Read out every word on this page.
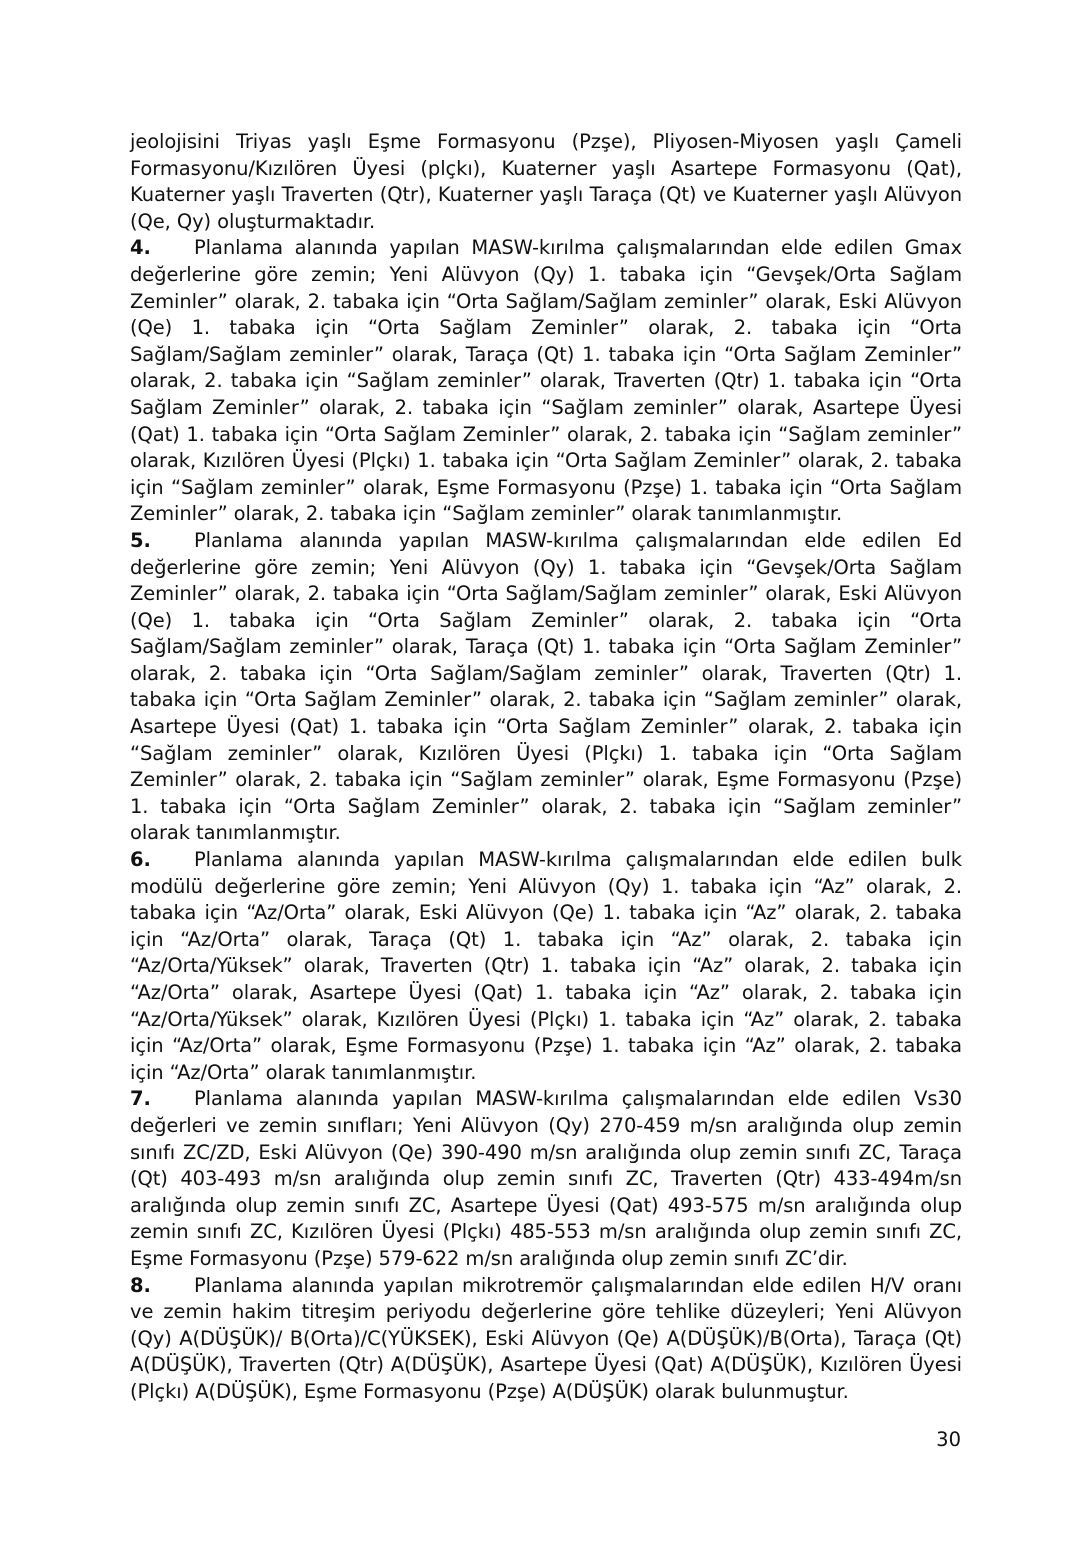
jeolojisini Triyas yaşlı Eşme Formasyonu (Pzşe), Pliyosen-Miyosen yaşlı Çameli Formasyonu/Kızılören Üyesi (plçkı), Kuaterner yaşlı Asartepe Formasyonu (Qat), Kuaterner yaşlı Traverten (Qtr), Kuaterner yaşlı Taraça (Qt) ve Kuaterner yaşlı Alüvyon (Qe, Qy) oluşturmaktadır.

4. Planlama alanında yapılan MASW-kırılma çalışmalarından elde edilen Gmax değerlerine göre zemin; Yeni Alüvyon (Qy) 1. tabaka için “Gevşek/Orta Sağlam Zeminler” olarak, 2. tabaka için “Orta Sağlam/Sağlam zeminler” olarak, Eski Alüvyon (Qe) 1. tabaka için “Orta Sağlam Zeminler” olarak, 2. tabaka için “Orta Sağlam/Sağlam zeminler” olarak, Taraça (Qt) 1. tabaka için “Orta Sağlam Zeminler” olarak, 2. tabaka için “Sağlam zeminler” olarak, Traverten (Qtr) 1. tabaka için “Orta Sağlam Zeminler” olarak, 2. tabaka için “Sağlam zeminler” olarak, Asartepe Üyesi (Qat) 1. tabaka için “Orta Sağlam Zeminler” olarak, 2. tabaka için “Sağlam zeminler” olarak, Kızılören Üyesi (Plçkı) 1. tabaka için “Orta Sağlam Zeminler” olarak, 2. tabaka için “Sağlam zeminler” olarak, Eşme Formasyonu (Pzşe) 1. tabaka için “Orta Sağlam Zeminler” olarak, 2. tabaka için “Sağlam zeminler” olarak tanımlanmıştır.

5. Planlama alanında yapılan MASW-kırılma çalışmalarından elde edilen Ed değerlerine göre zemin; Yeni Alüvyon (Qy) 1. tabaka için “Gevşek/Orta Sağlam Zeminler” olarak, 2. tabaka için “Orta Sağlam/Sağlam zeminler” olarak, Eski Alüvyon (Qe) 1. tabaka için “Orta Sağlam Zeminler” olarak, 2. tabaka için “Orta Sağlam/Sağlam zeminler” olarak, Taraça (Qt) 1. tabaka için “Orta Sağlam Zeminler” olarak, 2. tabaka için “Orta Sağlam/Sağlam zeminler” olarak, Traverten (Qtr) 1. tabaka için “Orta Sağlam Zeminler” olarak, 2. tabaka için “Sağlam zeminler” olarak, Asartepe Üyesi (Qat) 1. tabaka için “Orta Sağlam Zeminler” olarak, 2. tabaka için “Sağlam zeminler” olarak, Kızılören Üyesi (Plçkı) 1. tabaka için “Orta Sağlam Zeminler” olarak, 2. tabaka için “Sağlam zeminler” olarak, Eşme Formasyonu (Pzşe) 1. tabaka için “Orta Sağlam Zeminler” olarak, 2. tabaka için “Sağlam zeminler” olarak tanımlanmıştır.

6. Planlama alanında yapılan MASW-kırılma çalışmalarından elde edilen bulk modülü değerlerine göre zemin; Yeni Alüvyon (Qy) 1. tabaka için “Az” olarak, 2. tabaka için “Az/Orta” olarak, Eski Alüvyon (Qe) 1. tabaka için “Az” olarak, 2. tabaka için “Az/Orta” olarak, Taraça (Qt) 1. tabaka için “Az” olarak, 2. tabaka için “Az/Orta/Yüksek” olarak, Traverten (Qtr) 1. tabaka için “Az” olarak, 2. tabaka için “Az/Orta” olarak, Asartepe Üyesi (Qat) 1. tabaka için “Az” olarak, 2. tabaka için “Az/Orta/Yüksek” olarak, Kızılören Üyesi (Plçkı) 1. tabaka için “Az” olarak, 2. tabaka için “Az/Orta” olarak, Eşme Formasyonu (Pzşe) 1. tabaka için “Az” olarak, 2. tabaka için “Az/Orta” olarak tanımlanmıştır.

7. Planlama alanında yapılan MASW-kırılma çalışmalarından elde edilen Vs30 değerleri ve zemin sınıfları; Yeni Alüvyon (Qy) 270-459 m/sn aralığında olup zemin sınıfı ZC/ZD, Eski Alüvyon (Qe) 390-490 m/sn aralığında olup zemin sınıfı ZC, Taraça (Qt) 403-493 m/sn aralığında olup zemin sınıfı ZC, Traverten (Qtr) 433-494m/sn aralığında olup zemin sınıfı ZC, Asartepe Üyesi (Qat) 493-575 m/sn aralığında olup zemin sınıfı ZC, Kızılören Üyesi (Plçkı) 485-553 m/sn aralığında olup zemin sınıfı ZC, Eşme Formasyonu (Pzşe) 579-622 m/sn aralığında olup zemin sınıfı ZC’dir.

8. Planlama alanında yapılan mikrotremör çalışmalarından elde edilen H/V oranı ve zemin hakim titreşim periyodu değerlerine göre tehlike düzeyleri; Yeni Alüvyon (Qy) A(DÜŞÜK)/ B(Orta)/C(YÜKSEK), Eski Alüvyon (Qe) A(DÜŞÜK)/B(Orta), Taraça (Qt) A(DÜŞÜK), Traverten (Qtr) A(DÜŞÜK), Asartepe Üyesi (Qat) A(DÜŞÜK), Kızılören Üyesi (Plçkı) A(DÜŞÜK), Eşme Formasyonu (Pzşe) A(DÜŞÜK) olarak bulunmuştur.

30
